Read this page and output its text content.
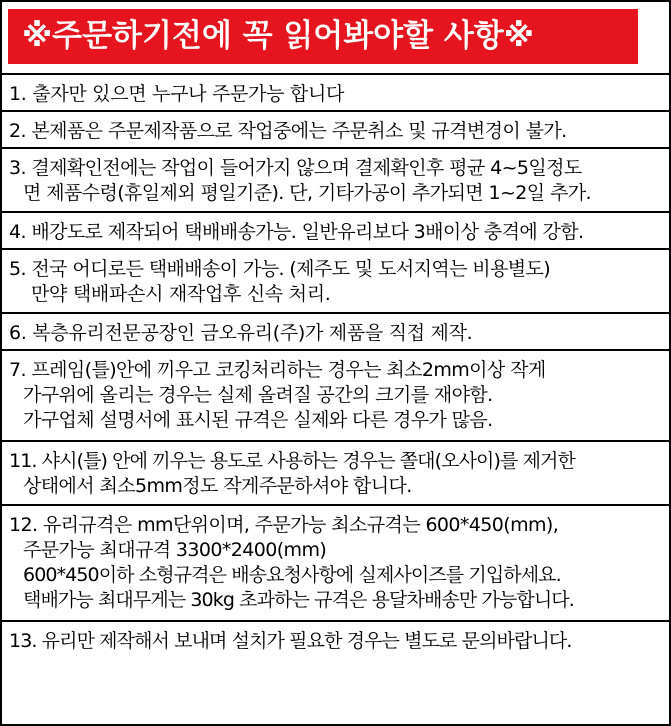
※주문하기전에 꼭 읽어봐야할 사항※
1. 출자만 있으면 누구나 주문가능 합니다
2. 본제품은 주문제작품으로 작업중에는 주문취소 및 규격변경이 불가.
3. 결제확인전에는 작업이 들어가지 않으며 결제확인후 평균 4~5일정도
면 제품수령(휴일제외 평일기준). 단, 기타가공이 추가되면 1~2일 추가.
4. 배강도로 제작되어 택배배송가능. 일반유리보다 3배이상 충격에 강함.
5. 전국 어디로든 택배배송이 가능. (제주도 및 도서지역는 비용별도)
만약 택배파손시 재작업후 신속 처리.
6. 복층유리전문공장인 금오유리(주)가 제품을 직접 제작.
7. 프레임(틀)안에 끼우고 코킹처리하는 경우는 최소2mm이상 작게
가구위에 올리는 경우는 실제 올려질 공간의 크기를 재야함.
가구업체 설명서에 표시된 규격은 실제와 다른 경우가 많음.
11. 샤시(틀) 안에 끼우는 용도로 사용하는 경우는 쫄대(오사이)를 제거한
상태에서 최소5mm정도 작게주문하셔야 합니다.
12. 유리규격은 mm단위이며, 주문가능 최소규격는 600*450(mm),
주문가능 최대규격 3300*2400(mm)
600*450이하 소형규격은 배송요청사항에 실제사이즈를 기입하세요.
택배가능 최대무게는 30kg 초과하는 규격은 용달차배송만 가능합니다.
13. 유리만 제작해서 보내며 설치가 필요한 경우는 별도로 문의바랍니다.
